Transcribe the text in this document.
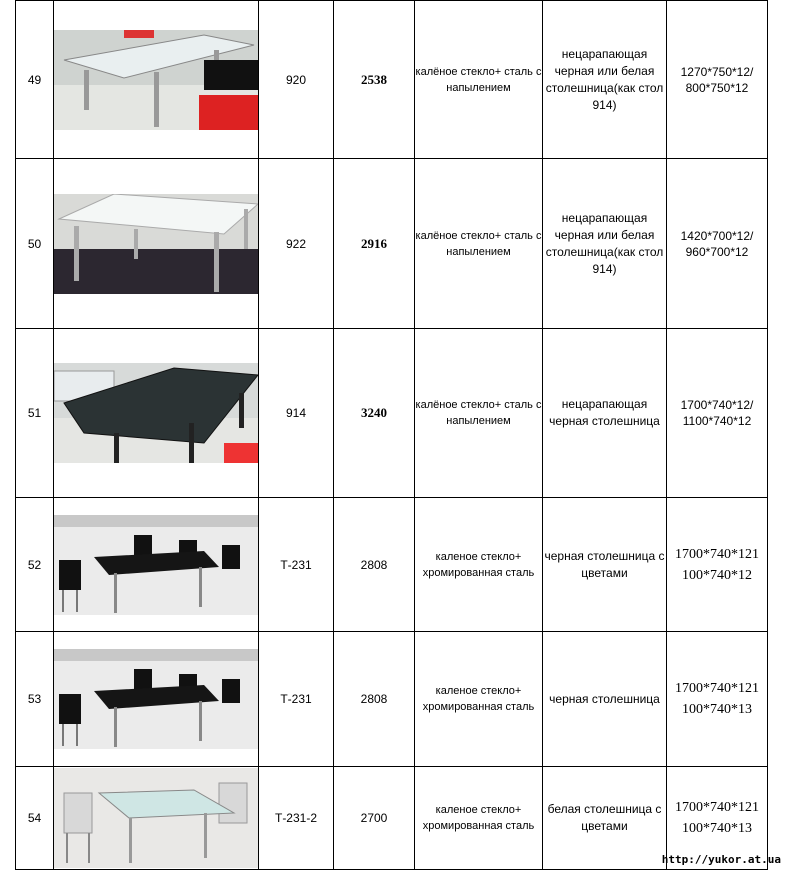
49		920	2538	калёное стекло+ сталь с напылением	нецарапающая черная или белая столешница(как стол 914)	1270*750*12/ 800*750*12
50		922	2916	калёное стекло+ сталь с напылением	нецарапающая черная или белая столешница(как стол 914)	1420*700*12/ 960*700*12
51		914	3240	калёное стекло+ сталь с напылением	нецарапающая черная столешница	1700*740*12/ 1100*740*12
52		Т-231	2808	каленое стекло+ хромированная сталь	черная столешница с цветами	1700*740*121 100*740*12
53		Т-231	2808	каленое стекло+ хромированная сталь	черная столешница	1700*740*121 100*740*13
54		Т-231-2	2700	каленое стекло+ хромированная сталь	белая столешница с цветами	1700*740*121 100*740*13
http://yukor.at.ua
